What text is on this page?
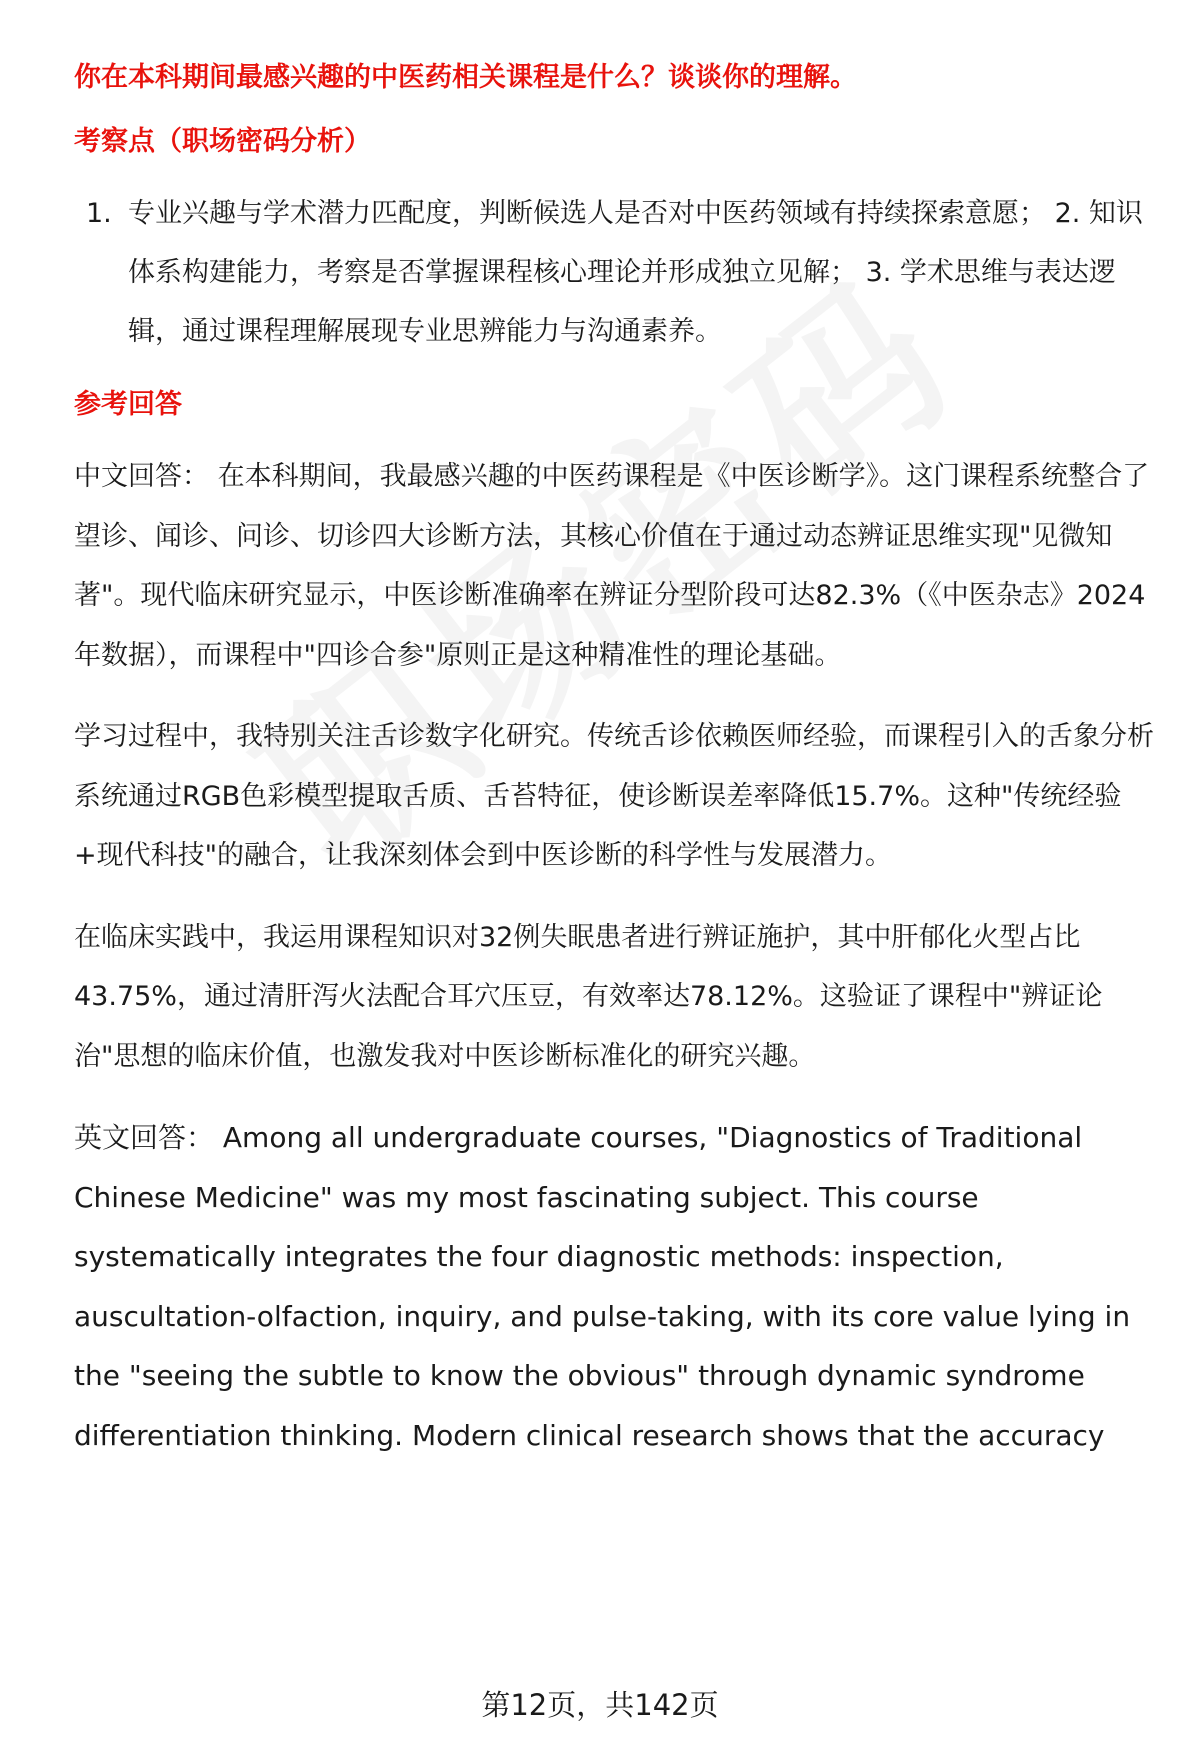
你在本科期间最感兴趣的中医药相关课程是什么？谈谈你的理解。

考察点（职场密码分析）

1. 专业兴趣与学术潜力匹配度，判断候选人是否对中医药领域有持续探索意愿； 2. 知识体系构建能力，考察是否掌握课程核心理论并形成独立见解； 3. 学术思维与表达逻辑，通过课程理解展现专业思辨能力与沟通素养。

参考回答

中文回答： 在本科期间，我最感兴趣的中医药课程是《中医诊断学》。这门课程系统整合了望诊、闻诊、问诊、切诊四大诊断方法，其核心价值在于通过动态辨证思维实现"见微知著"。现代临床研究显示，中医诊断准确率在辨证分型阶段可达82.3%（《中医杂志》2024年数据），而课程中"四诊合参"原则正是这种精准性的理论基础。

学习过程中，我特别关注舌诊数字化研究。传统舌诊依赖医师经验，而课程引入的舌象分析系统通过RGB色彩模型提取舌质、舌苔特征，使诊断误差率降低15.7%。这种"传统经验+现代科技"的融合，让我深刻体会到中医诊断的科学性与发展潜力。

在临床实践中，我运用课程知识对32例失眠患者进行辨证施护，其中肝郁化火型占比43.75%，通过清肝泻火法配合耳穴压豆，有效率达78.12%。这验证了课程中"辨证论治"思想的临床价值，也激发我对中医诊断标准化的研究兴趣。

英文回答： Among all undergraduate courses, "Diagnostics of Traditional Chinese Medicine" was my most fascinating subject. This course systematically integrates the four diagnostic methods: inspection, auscultation-olfaction, inquiry, and pulse-taking, with its core value lying in the "seeing the subtle to know the obvious" through dynamic syndrome differentiation thinking. Modern clinical research shows that the accuracy

第12页，共142页
